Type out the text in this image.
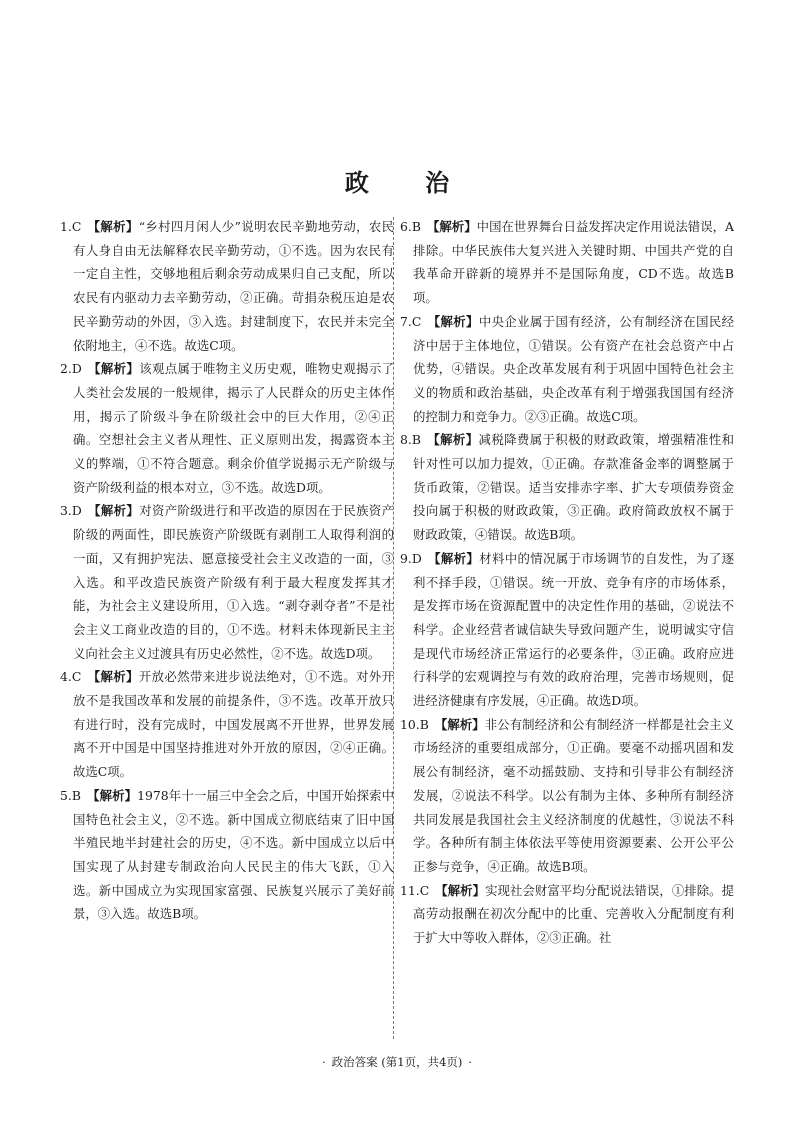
政 治

1.C 【解析】“乡村四月闲人少”说明农民辛勤地劳动，农民有人身自由无法解释农民辛勤劳动，①不选。因为农民有一定自主性，交够地租后剩余劳动成果归自己支配，所以农民有内驱动力去辛勤劳动，②正确。苛捐杂税压迫是农民辛勤劳动的外因，③入选。封建制度下，农民并未完全依附地主，④不选。故选C项。

2.D 【解析】该观点属于唯物主义历史观，唯物史观揭示了人类社会发展的一般规律，揭示了人民群众的历史主体作用，揭示了阶级斗争在阶级社会中的巨大作用，②④正确。空想社会主义者从理性、正义原则出发，揭露资本主义的弊端，①不符合题意。剩余价值学说揭示无产阶级与资产阶级利益的根本对立，③不选。故选D项。

3.D 【解析】对资产阶级进行和平改造的原因在于民族资产阶级的两面性，即民族资产阶级既有剥削工人取得利润的一面，又有拥护宪法、愿意接受社会主义改造的一面，③入选。和平改造民族资产阶级有利于最大程度发挥其才能，为社会主义建设所用，①入选。“剥夺剥夺者”不是社会主义工商业改造的目的，①不选。材料未体现新民主主义向社会主义过渡具有历史必然性，②不选。故选D项。

4.C 【解析】开放必然带来进步说法绝对，①不选。对外开放不是我国改革和发展的前提条件，③不选。改革开放只有进行时，没有完成时，中国发展离不开世界，世界发展离不开中国是中国坚持推进对外开放的原因，②④正确。故选C项。

5.B 【解析】1978年十一届三中全会之后，中国开始探索中国特色社会主义，②不选。新中国成立彻底结束了旧中国半殖民地半封建社会的历史，④不选。新中国成立以后中国实现了从封建专制政治向人民民主的伟大飞跃，①入选。新中国成立为实现国家富强、民族复兴展示了美好前景，③入选。故选B项。

6.B 【解析】中国在世界舞台日益发挥决定作用说法错误，A排除。中华民族伟大复兴进入关键时期、中国共产党的自我革命开辟新的境界并不是国际角度，CD不选。故选B项。

7.C 【解析】中央企业属于国有经济，公有制经济在国民经济中居于主体地位，①错误。公有资产在社会总资产中占优势，④错误。央企改革发展有利于巩固中国特色社会主义的物质和政治基础，央企改革有利于增强我国国有经济的控制力和竞争力。②③正确。故选C项。

8.B 【解析】减税降费属于积极的财政政策，增强精准性和针对性可以加力提效，①正确。存款准备金率的调整属于货币政策，②错误。适当安排赤字率、扩大专项债券资金投向属于积极的财政政策，③正确。政府简政放权不属于财政政策，④错误。故选B项。

9.D 【解析】材料中的情况属于市场调节的自发性，为了逐利不择手段，①错误。统一开放、竞争有序的市场体系，是发挥市场在资源配置中的决定性作用的基础，②说法不科学。企业经营者诚信缺失导致问题产生，说明诚实守信是现代市场经济正常运行的必要条件，③正确。政府应进行科学的宏观调控与有效的政府治理，完善市场规则，促进经济健康有序发展，④正确。故选D项。

10.B 【解析】非公有制经济和公有制经济一样都是社会主义市场经济的重要组成部分，①正确。要毫不动摇巩固和发展公有制经济，毫不动摇鼓励、支持和引导非公有制经济发展，②说法不科学。以公有制为主体、多种所有制经济共同发展是我国社会主义经济制度的优越性，③说法不科学。各种所有制主体依法平等使用资源要素、公开公平公正参与竞争，④正确。故选B项。

11.C 【解析】实现社会财富平均分配说法错误，①排除。提高劳动报酬在初次分配中的比重、完善收入分配制度有利于扩大中等收入群体，②③正确。社

· 政治答案 (第1页，共4页) ·
